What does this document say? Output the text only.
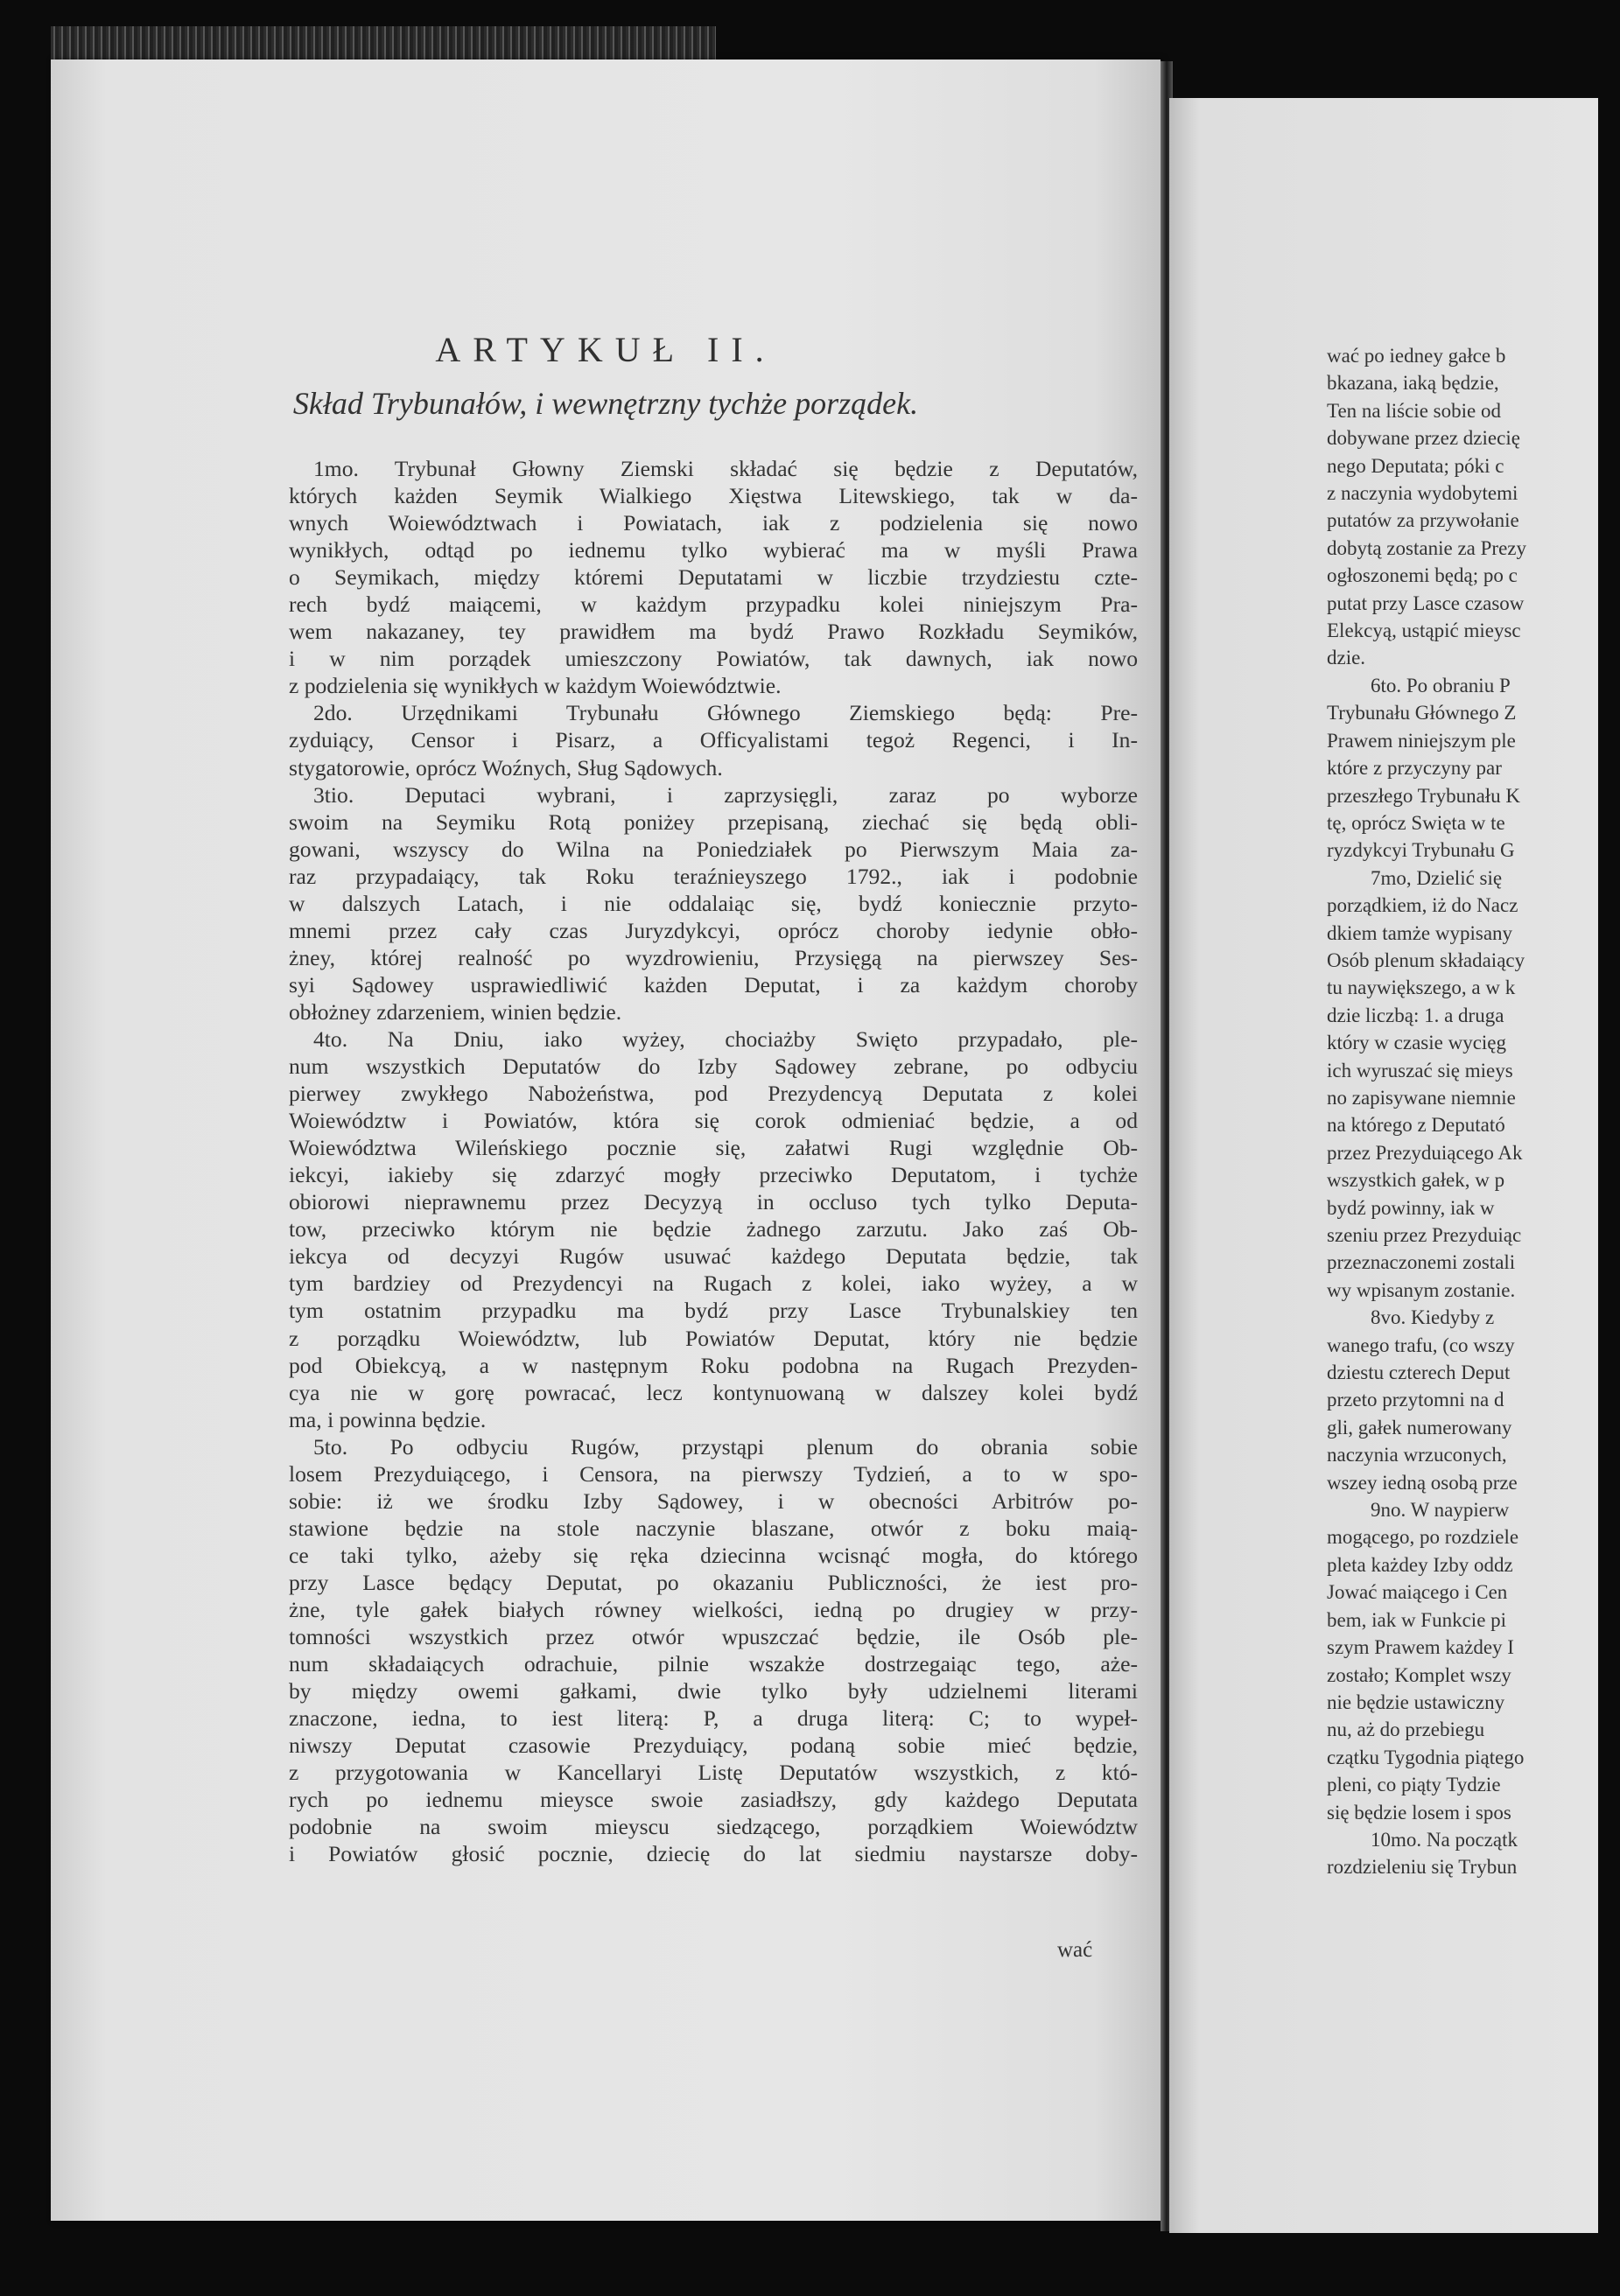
ARTYKUŁ II.
Skład Trybunałów, i wewnętrzny tychże porządek.
1mo. Trybunał Głowny Ziemski składać się będzie z Deputatów,
których każden Seymik Wialkiego Xięstwa Litewskiego, tak w da-
wnych Woiewództwach i Powiatach, iak z podzielenia się nowo
wynikłych, odtąd po iednemu tylko wybierać ma w myśli Prawa
o Seymikach, między któremi Deputatami w liczbie trzydziestu czte-
rech bydź maiącemi, w każdym przypadku kolei niniejszym Pra-
wem nakazaney, tey prawidłem ma bydź Prawo Rozkładu Seymików,
i w nim porządek umieszczony Powiatów, tak dawnych, iak nowo
z podzielenia się wynikłych w każdym Woiewództwie.
2do. Urzędnikami Trybunału Głównego Ziemskiego będą: Pre-
zyduiący, Censor i Pisarz, a Officyalistami tegoż Regenci, i In-
stygatorowie, oprócz Woźnych, Sług Sądowych.
3tio. Deputaci wybrani, i zaprzysięgli, zaraz po wyborze
swoim na Seymiku Rotą poniżey przepisaną, ziechać się będą obli-
gowani, wszyscy do Wilna na Poniedziałek po Pierwszym Maia za-
raz przypadaiący, tak Roku teraźnieyszego 1792., iak i podobnie
w dalszych Latach, i nie oddalaiąc się, bydź koniecznie przyto-
mnemi przez cały czas Juryzdykcyi, oprócz choroby iedynie obło-
żney, której realność po wyzdrowieniu, Przysięgą na pierwszey Ses-
syi Sądowey usprawiedliwić każden Deputat, i za każdym choroby
obłożney zdarzeniem, winien będzie.
4to. Na Dniu, iako wyżey, chociażby Swięto przypadało, ple-
num wszystkich Deputatów do Izby Sądowey zebrane, po odbyciu
pierwey zwykłego Nabożeństwa, pod Prezydencyą Deputata z kolei
Woiewództw i Powiatów, która się corok odmieniać będzie, a od
Woiewództwa Wileńskiego pocznie się, załatwi Rugi względnie Ob-
iekcyi, iakieby się zdarzyć mogły przeciwko Deputatom, i tychże
obiorowi nieprawnemu przez Decyzyą in occluso tych tylko Deputa-
tow, przeciwko którym nie będzie żadnego zarzutu. Jako zaś Ob-
iekcya od decyzyi Rugów usuwać każdego Deputata będzie, tak
tym bardziey od Prezydencyi na Rugach z kolei, iako wyżey, a w
tym ostatnim przypadku ma bydź przy Lasce Trybunalskiey ten
z porządku Woiewództw, lub Powiatów Deputat, który nie będzie
pod Obiekcyą, a w następnym Roku podobna na Rugach Prezyden-
cya nie w gorę powracać, lecz kontynuowaną w dalszey kolei bydź
ma, i powinna będzie.
5to. Po odbyciu Rugów, przystąpi plenum do obrania sobie
losem Prezyduiącego, i Censora, na pierwszy Tydzień, a to w spo-
sobie: iż we środku Izby Sądowey, i w obecności Arbitrów po-
stawione będzie na stole naczynie blaszane, otwór z boku maią-
ce taki tylko, ażeby się ręka dziecinna wcisnąć mogła, do którego
przy Lasce będący Deputat, po okazaniu Publiczności, że iest pro-
żne, tyle gałek białych równey wielkości, iedną po drugiey w przy-
tomności wszystkich przez otwór wpuszczać będzie, ile Osób ple-
num składaiących odrachuie, pilnie wszakże dostrzegaiąc tego, aże-
by między owemi gałkami, dwie tylko były udzielnemi literami
znaczone, iedna, to iest literą: P, a druga literą: C; to wypeł-
niwszy Deputat czasowie Prezyduiący, podaną sobie mieć będzie,
z przygotowania w Kancellaryi Listę Deputatów wszystkich, z któ-
rych po iednemu mieysce swoie zasiadłszy, gdy każdego Deputata
podobnie na swoim mieyscu siedzącego, porządkiem Woiewództw
i Powiatów głosić pocznie, dziecię do lat siedmiu naystarsze doby-
wać
wać po iedney gałce b
bkazana, iaką będzie,
Ten na liście sobie od
dobywane przez dziecię
nego Deputata; póki c
z naczynia wydobytemi
putatów za przywołanie
dobytą zostanie za Prezy
ogłoszonemi będą; po c
putat przy Lasce czasow
Elekcyą, ustąpić mieysc
dzie.
6to. Po obraniu P
Trybunału Głównego Z
Prawem niniejszym ple
które z przyczyny par
przeszłego Trybunału K
tę, oprócz Swięta w te
ryzdykcyi Trybunału G
7mo, Dzielić się
porządkiem, iż do Nacz
dkiem tamże wypisany
Osób plenum składaiący
tu naywiększego, a w k
dzie liczbą: 1. a druga
który w czasie wycięg
ich wyruszać się mieys
no zapisywane niemnie
na którego z Deputató
przez Prezyduiącego Ak
wszystkich gałek, w p
bydź powinny, iak w
szeniu przez Prezyduiąc
przeznaczonemi zostali
wy wpisanym zostanie.
8vo. Kiedyby z
wanego trafu, (co wszy
dziestu czterech Deput
przeto przytomni na d
gli, gałek numerowany
naczynia wrzuconych,
wszey iedną osobą prze
9no. W naypierw
mogącego, po rozdziele
pleta każdey Izby oddz
Jować maiącego i Cen
bem, iak w Funkcie pi
szym Prawem każdey I
zostało; Komplet wszy
nie będzie ustawiczny
nu, aż do przebiegu
czątku Tygodnia piątego
pleni, co piąty Tydzie
się będzie losem i spos
10mo. Na początk
rozdzieleniu się Trybun
